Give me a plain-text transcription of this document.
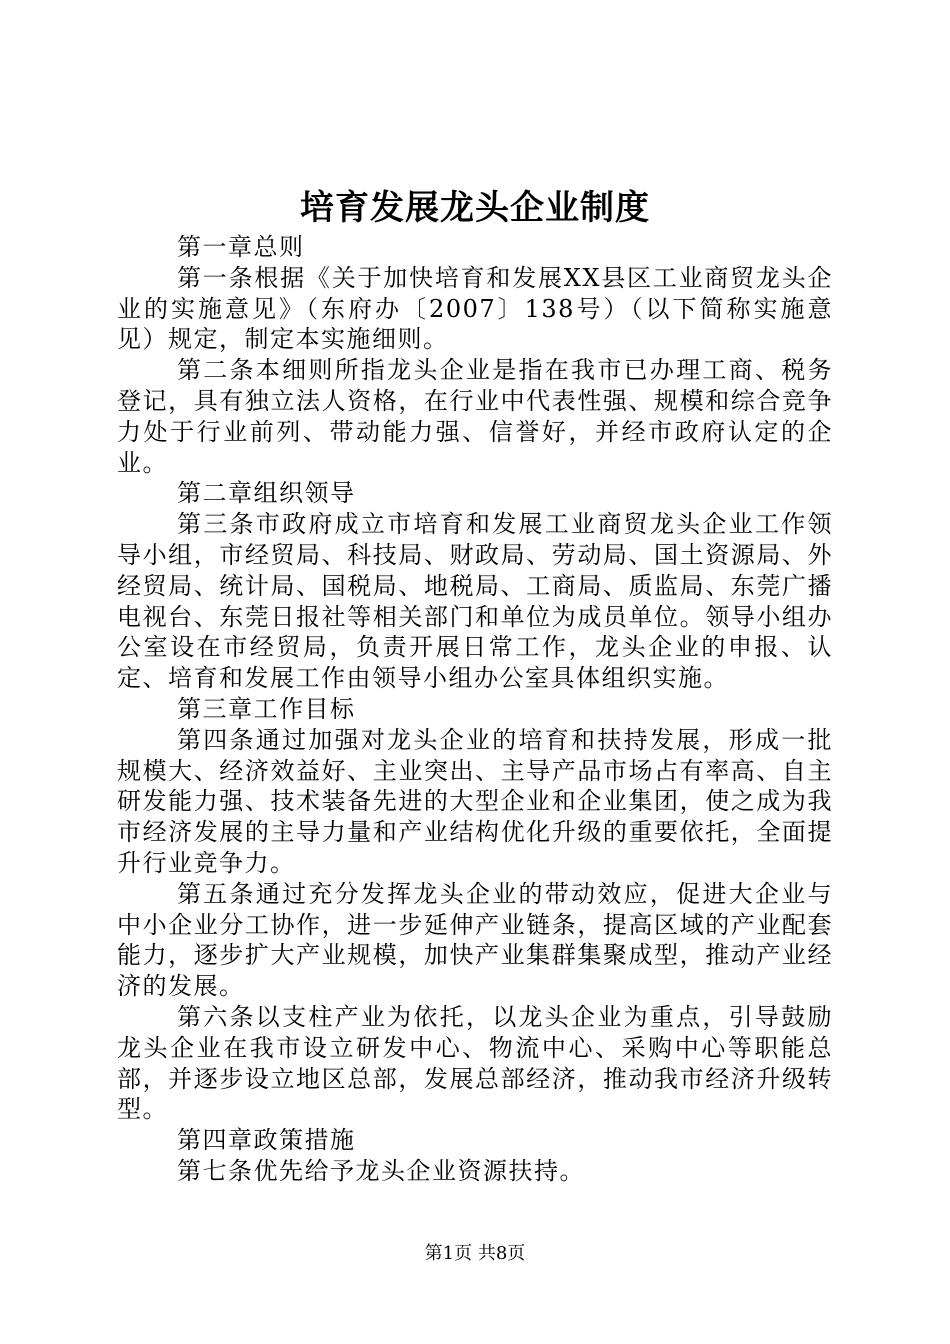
培育发展龙头企业制度

第一章总则

第一条根据《关于加快培育和发展XX县区工业商贸龙头企业的实施意见》（东府办〔2007〕138号）（以下简称实施意见）规定，制定本实施细则。

第二条本细则所指龙头企业是指在我市已办理工商、税务登记，具有独立法人资格，在行业中代表性强、规模和综合竞争力处于行业前列、带动能力强、信誉好，并经市政府认定的企业。

第二章组织领导

第三条市政府成立市培育和发展工业商贸龙头企业工作领导小组，市经贸局、科技局、财政局、劳动局、国土资源局、外经贸局、统计局、国税局、地税局、工商局、质监局、东莞广播电视台、东莞日报社等相关部门和单位为成员单位。领导小组办公室设在市经贸局，负责开展日常工作，龙头企业的申报、认定、培育和发展工作由领导小组办公室具体组织实施。

第三章工作目标

第四条通过加强对龙头企业的培育和扶持发展，形成一批规模大、经济效益好、主业突出、主导产品市场占有率高、自主研发能力强、技术装备先进的大型企业和企业集团，使之成为我市经济发展的主导力量和产业结构优化升级的重要依托，全面提升行业竞争力。

第五条通过充分发挥龙头企业的带动效应，促进大企业与中小企业分工协作，进一步延伸产业链条，提高区域的产业配套能力，逐步扩大产业规模，加快产业集群集聚成型，推动产业经济的发展。

第六条以支柱产业为依托，以龙头企业为重点，引导鼓励龙头企业在我市设立研发中心、物流中心、采购中心等职能总部，并逐步设立地区总部，发展总部经济，推动我市经济升级转型。

第四章政策措施

第七条优先给予龙头企业资源扶持。

第1页 共8页
